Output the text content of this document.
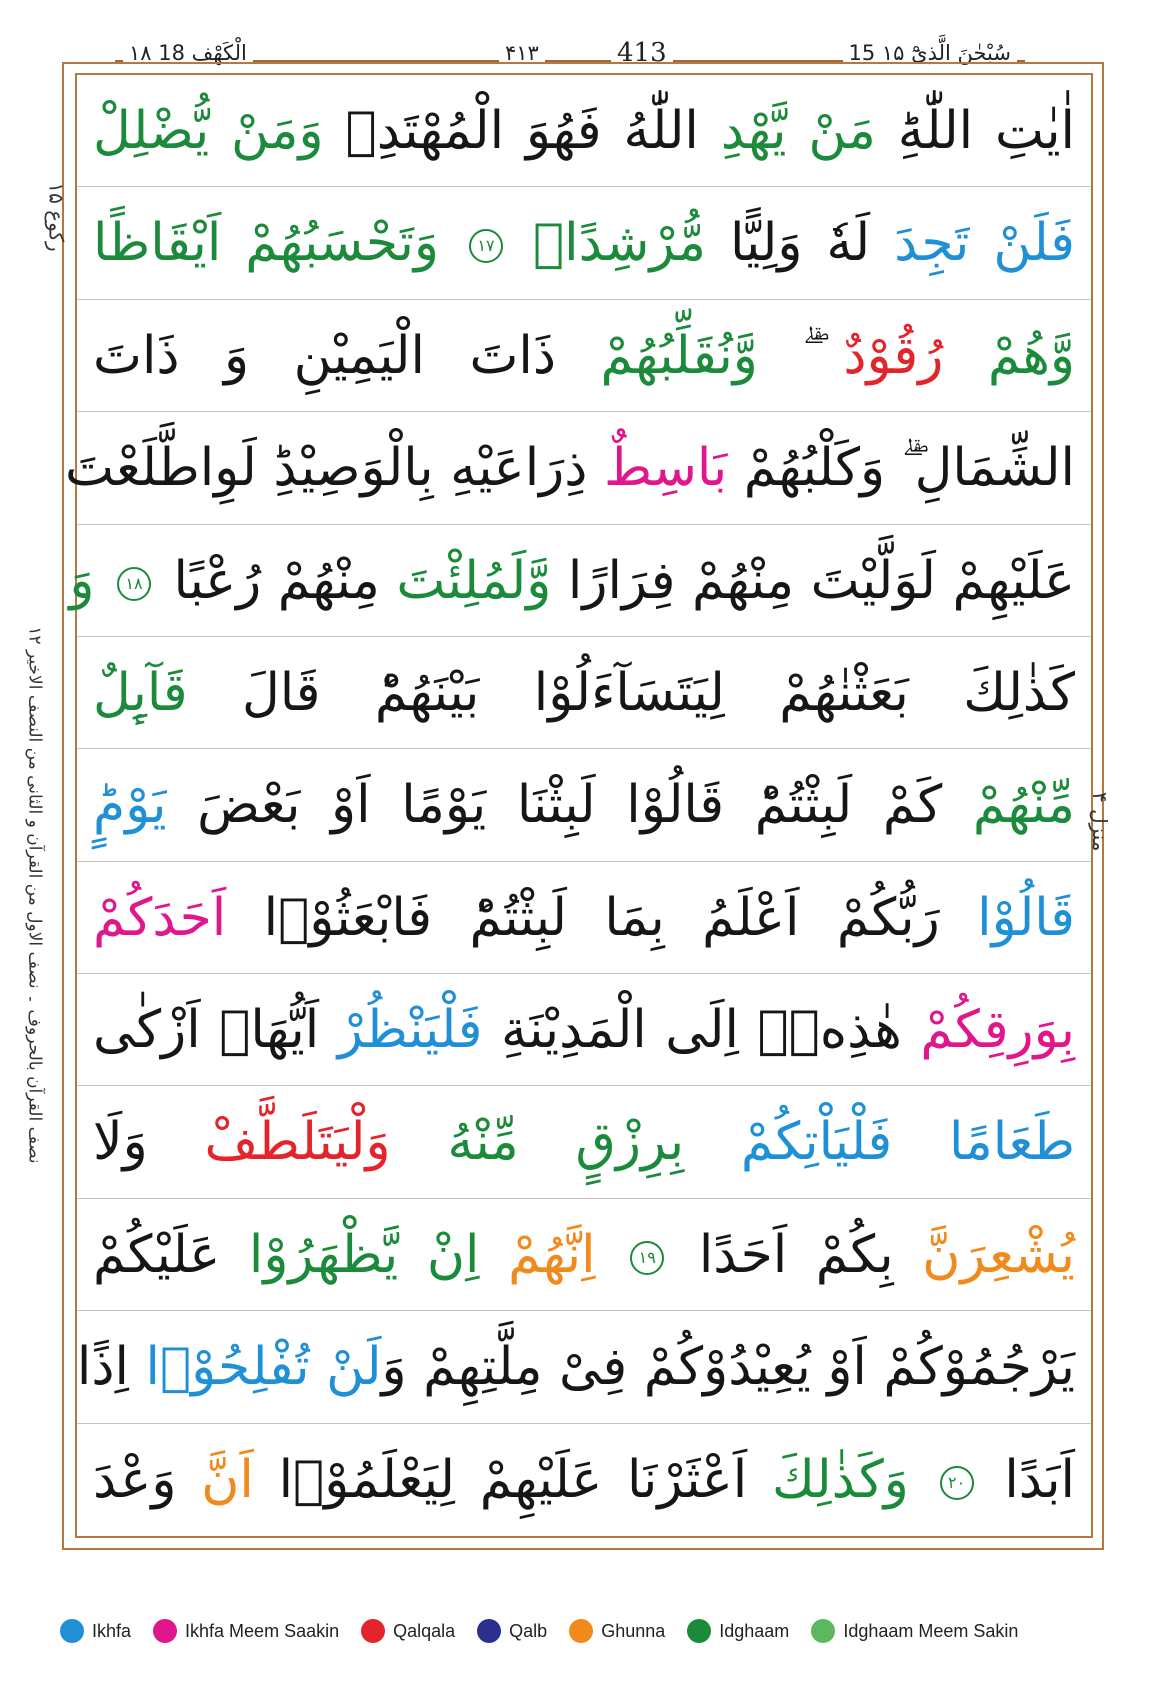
۱۸ الْكَهْف 18	۴۱۳	413	15 سُبْحٰنَ الَّذِیْٓ ۱۵
رکوع ۱۵
نصف القرآن بالحروف ۔ نصف الاول من القرآن و الثانی من النصف الاخیر ۱۲	منزل ۴
اٰیٰتِ اللّٰهِؕ مَنْ یَّهْدِ اللّٰهُ فَهُوَ الْمُهْتَدِۚ وَمَنْ یُّضْلِلْ
فَلَنْ تَجِدَ لَهٗ وَلِیًّا مُّرْشِدًا۠ ۱۷ وَتَحْسَبُهُمْ اَیْقَاظًا
وَّهُمْ رُقُوْدٌ ۖۗ وَّنُقَلِّبُهُمْ ذَاتَ الْیَمِیْنِ وَ ذَاتَ
الشِّمَالِ ۖۗ وَكَلْبُهُمْ بَاسِطٌ ذِرَاعَیْهِ بِالْوَصِیْدِؕ لَوِاطَّلَعْتَ
عَلَیْهِمْ لَوَلَّیْتَ مِنْهُمْ فِرَارًا وَّلَمُلِئْتَ مِنْهُمْ رُعْبًا ۱۸ وَ
كَذٰلِكَ بَعَثْنٰهُمْ لِیَتَسَآءَلُوْا بَیْنَهُمْؕ قَالَ قَآىِٕلٌ
مِّنْهُمْ كَمْ لَبِثْتُمْؕ قَالُوْا لَبِثْنَا یَوْمًا اَوْ بَعْضَ یَوْمٍؕ
قَالُوْا رَبُّكُمْ اَعْلَمُ بِمَا لَبِثْتُمْؕ فَابْعَثُوْۤا اَحَدَكُمْ
بِوَرِقِكُمْ هٰذِهٖۤ اِلَى الْمَدِیْنَةِ فَلْیَنْظُرْ اَیُّهَاۤ اَزْكٰى
طَعَامًا فَلْیَاْتِكُمْ بِرِزْقٍ مِّنْهُ وَلْیَتَلَطَّفْ وَلَا
یُشْعِرَنَّ بِكُمْ اَحَدًا ۱۹ اِنَّهُمْ اِنْ یَّظْهَرُوْا عَلَیْكُمْ
یَرْجُمُوْكُمْ اَوْ یُعِیْدُوْكُمْ فِیْ مِلَّتِهِمْ وَلَنْ تُفْلِحُوْۤا اِذًا
اَبَدًا ۲۰ وَكَذٰلِكَ اَعْثَرْنَا عَلَیْهِمْ لِیَعْلَمُوْۤا اَنَّ وَعْدَ
Ikhfa	Ikhfa Meem Saakin	Qalqala	Qalb	Ghunna	Idghaam	Idghaam Meem Sakin
